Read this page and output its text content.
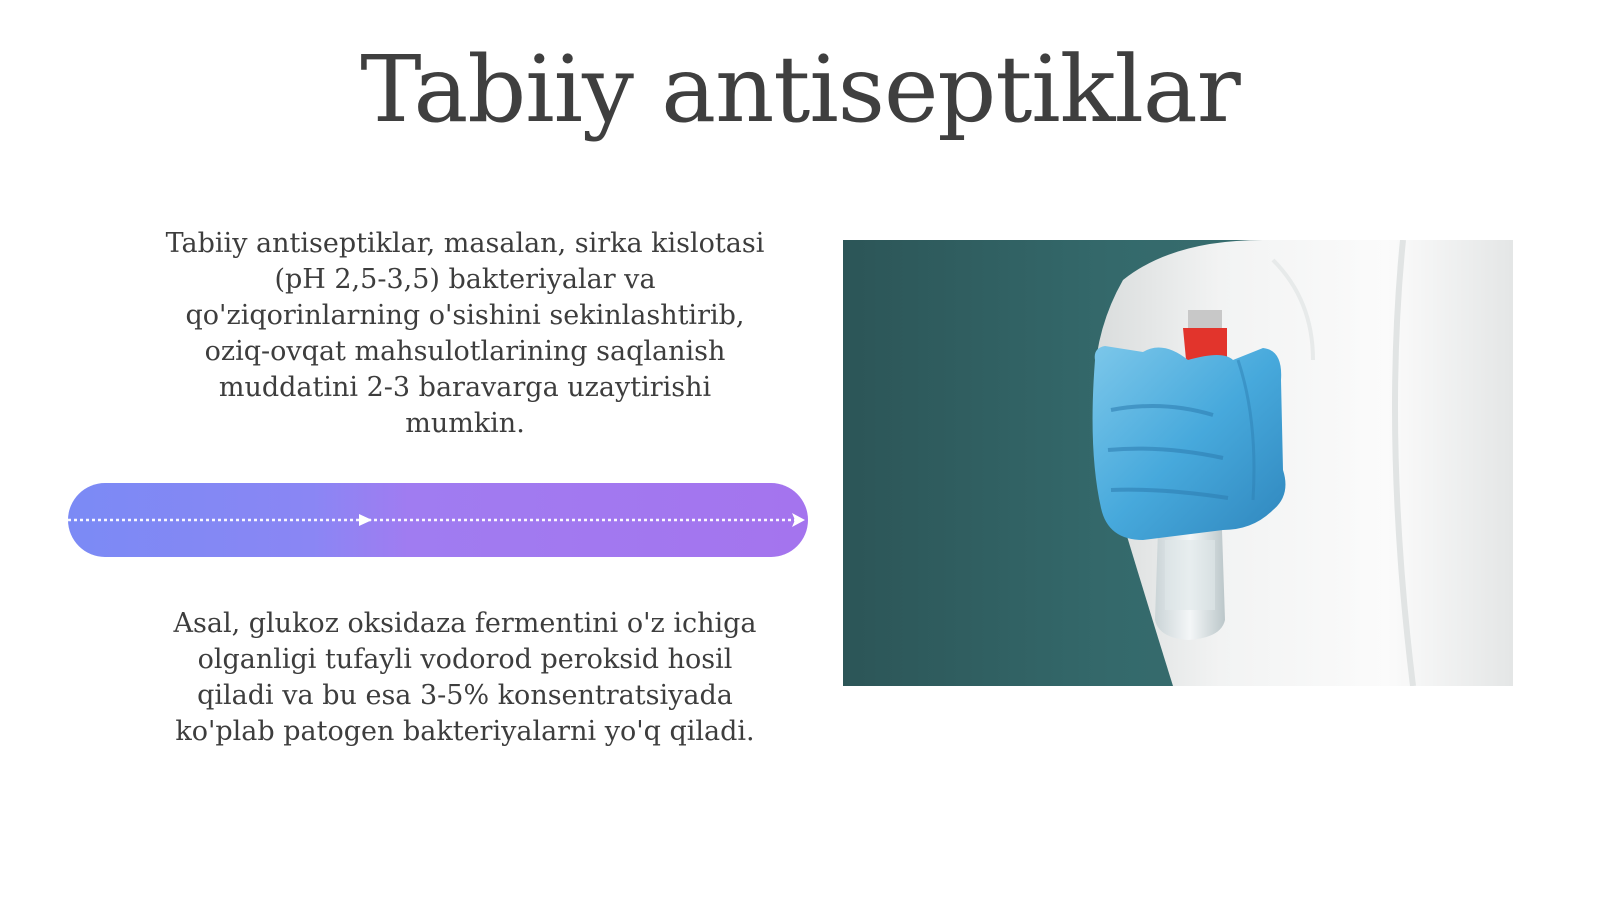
Tabiiy antiseptiklar

Tabiiy antiseptiklar, masalan, sirka kislotasi (pH 2,5-3,5) bakteriyalar va qo'ziqorinlarning o'sishini sekinlashtirib, oziq-ovqat mahsulotlarining saqlanish muddatini 2-3 baravarga uzaytirishi mumkin.

Asal, glukoz oksidaza fermentini o'z ichiga olganligi tufayli vodorod peroksid hosil qiladi va bu esa 3-5% konsentratsiyada ko'plab patogen bakteriyalarni yo'q qiladi.
